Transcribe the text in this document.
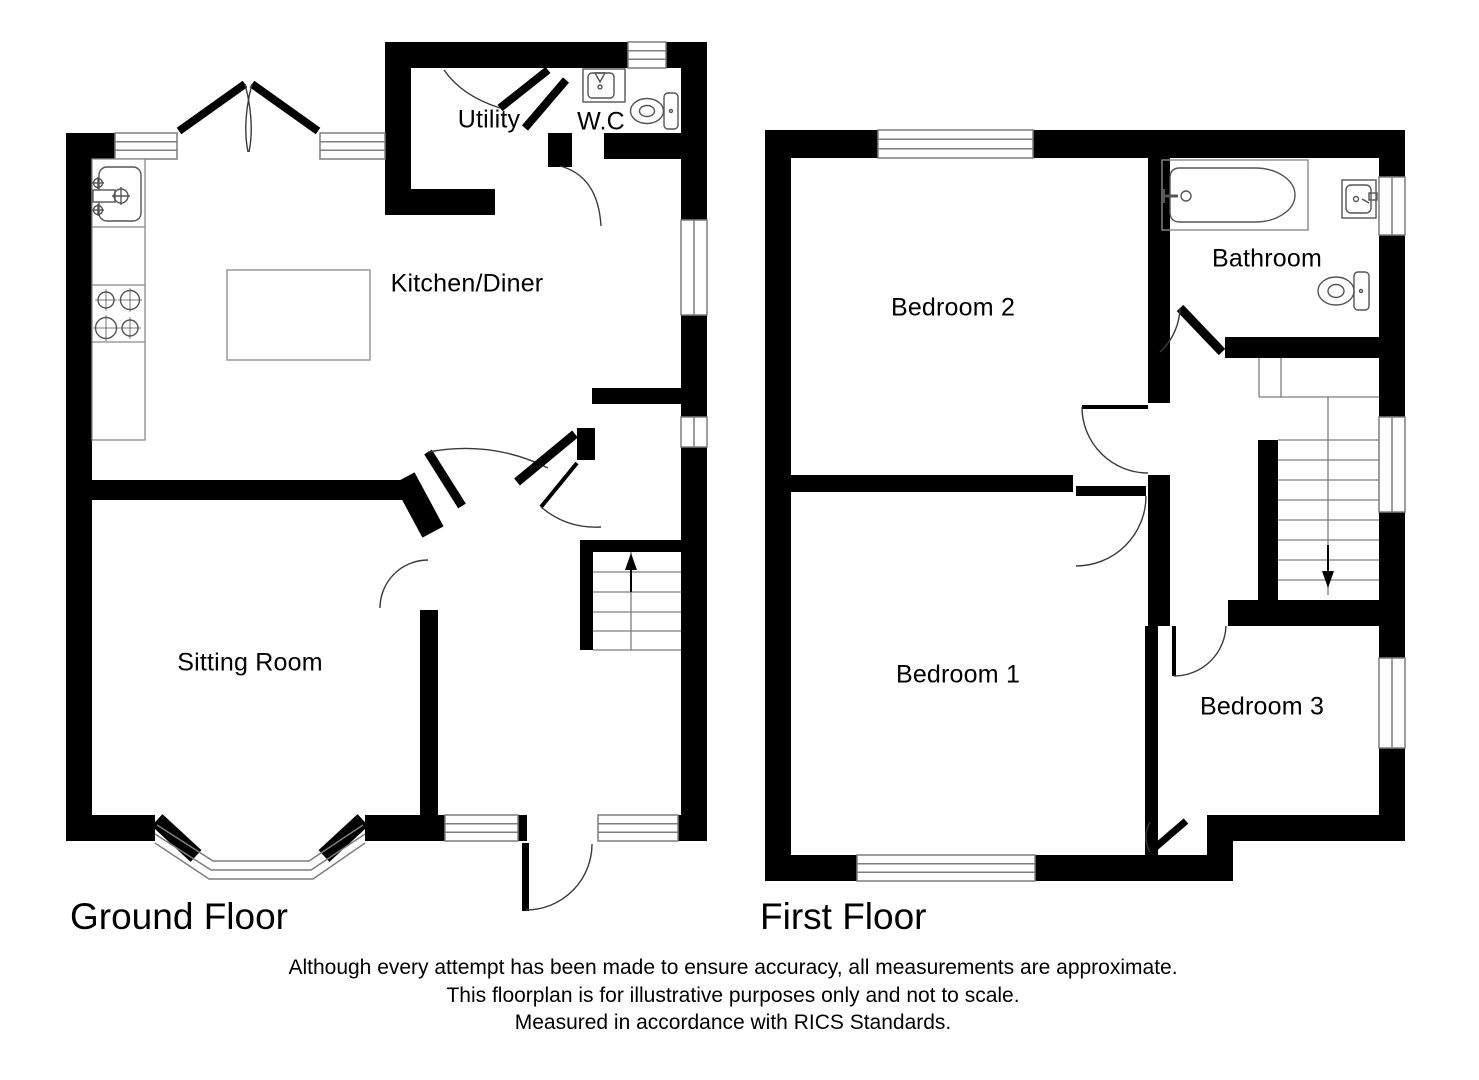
Kitchen/Diner
Sitting Room
Utility W.C
Bedroom 2
Bathroom
Bedroom 1
Bedroom 3
Ground Floor	First Floor
Although every attempt has been made to ensure accuracy, all measurements are approximate.
This floorplan is for illustrative purposes only and not to scale.
Measured in accordance with RICS Standards.
